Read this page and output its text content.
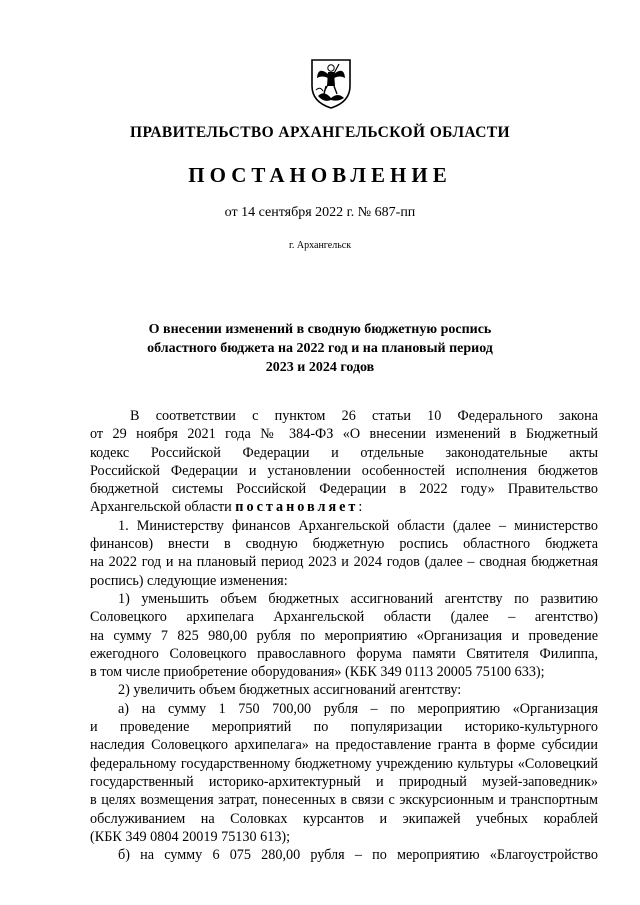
ПРАВИТЕЛЬСТВО АРХАНГЕЛЬСКОЙ ОБЛАСТИ
ПОСТАНОВЛЕНИЕ
от 14 сентября 2022 г. № 687-пп
г. Архангельск
О внесении изменений в сводную бюджетную роспись
областного бюджета на 2022 год и на плановый период
2023 и 2024 годов
В соответствии с пунктом 26 статьи 10 Федерального закона
от 29 ноября 2021 года № 384-ФЗ «О внесении изменений в Бюджетный
кодекс Российской Федерации и отдельные законодательные акты
Российской Федерации и установлении особенностей исполнения бюджетов
бюджетной системы Российской Федерации в 2022 году» Правительство
Архангельской области постановляет:
1. Министерству финансов Архангельской области (далее – министерство
финансов) внести в сводную бюджетную роспись областного бюджета
на 2022 год и на плановый период 2023 и 2024 годов (далее – сводная бюджетная
роспись) следующие изменения:
1) уменьшить объем бюджетных ассигнований агентству по развитию
Соловецкого архипелага Архангельской области (далее – агентство)
на сумму 7 825 980,00 рубля по мероприятию «Организация и проведение
ежегодного Соловецкого православного форума памяти Святителя Филиппа,
в том числе приобретение оборудования» (КБК 349 0113 20005 75100 633);
2) увеличить объем бюджетных ассигнований агентству:
а) на сумму 1 750 700,00 рубля – по мероприятию «Организация
и проведение мероприятий по популяризации историко-культурного
наследия Соловецкого архипелага» на предоставление гранта в форме субсидии
федеральному государственному бюджетному учреждению культуры «Соловецкий
государственный историко-архитектурный и природный музей-заповедник»
в целях возмещения затрат, понесенных в связи с экскурсионным и транспортным
обслуживанием на Соловках курсантов и экипажей учебных кораблей
(КБК 349 0804 20019 75130 613);
б) на сумму 6 075 280,00 рубля – по мероприятию «Благоустройство
